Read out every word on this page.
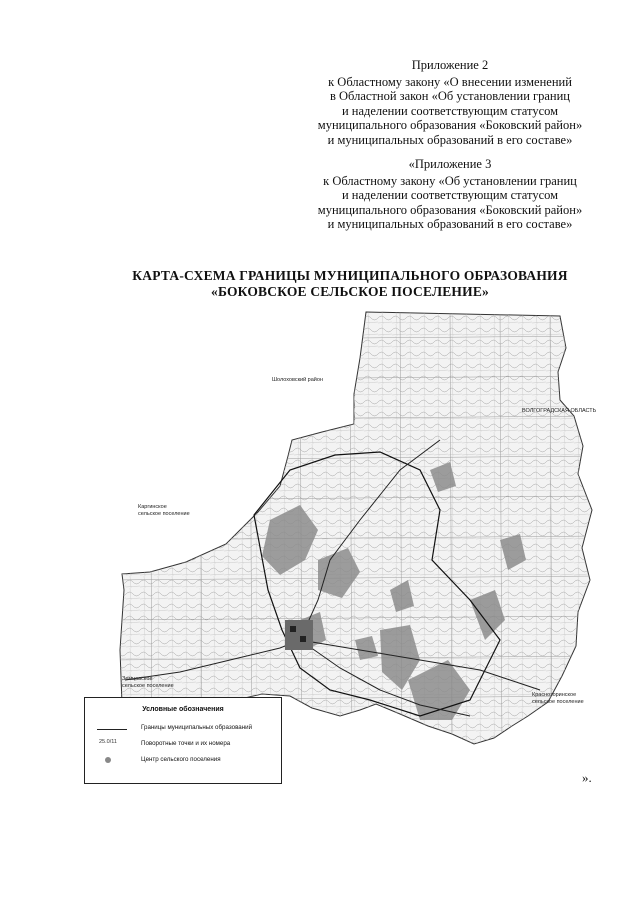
Приложение 2
к Областному закону «О внесении изменений
в Областной закон «Об установлении границ
и наделении соответствующим статусом
муниципального образования «Боковский район»
и муниципальных образований в его составе»
«Приложение 3
к Областному закону «Об установлении границ
и наделении соответствующим статусом
муниципального образования «Боковский район»
и муниципальных образований в его составе»
КАРТА-СХЕМА ГРАНИЦЫ МУНИЦИПАЛЬНОГО ОБРАЗОВАНИЯ
«БОКОВСКОЕ СЕЛЬСКОЕ ПОСЕЛЕНИЕ»
Шолоховский район
ВОЛГОГРАДСКАЯ ОБЛАСТЬ
Каргинское
сельское поселение
Земцовское
сельское поселение
Краснозоринское
сельское поселение
Условные обозначения
Границы муниципальных образований
25.0/11	Поворотные точки и их номера
Центр сельского поселения
».
